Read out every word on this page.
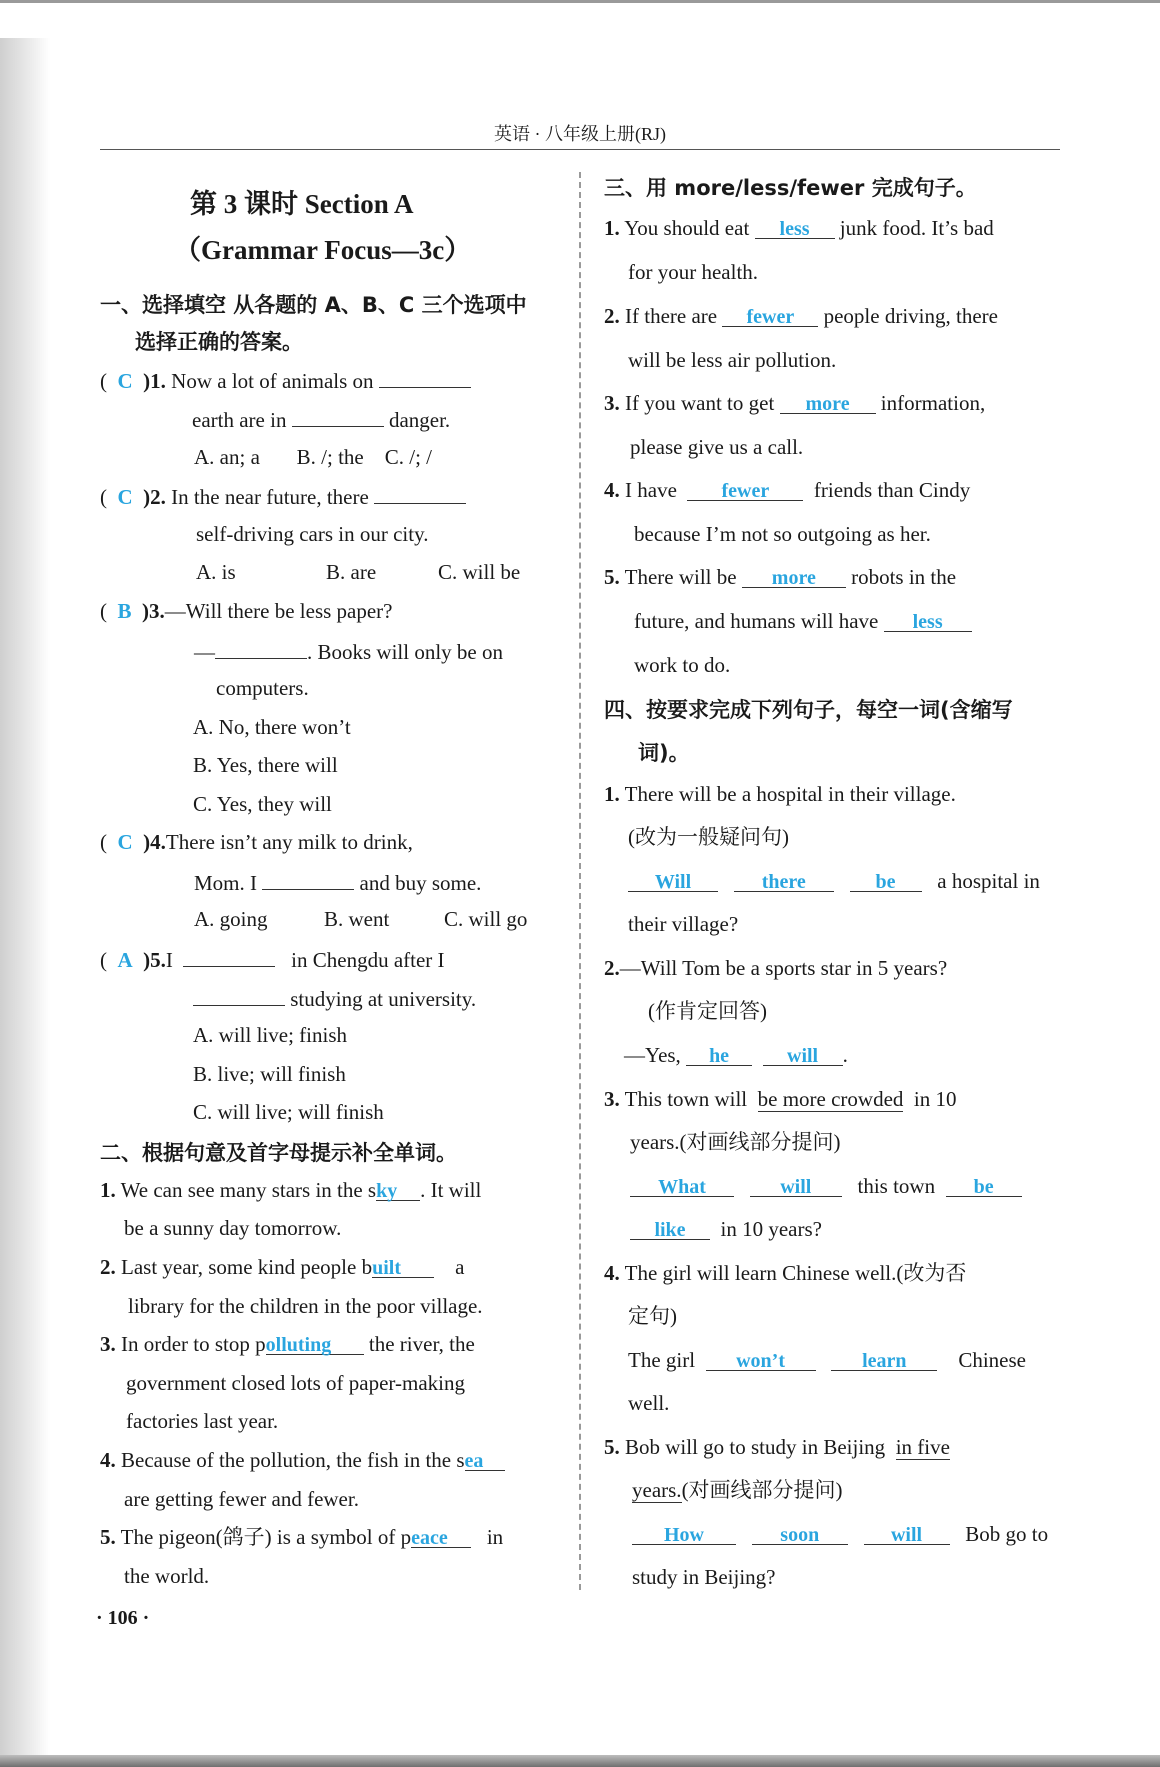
英语 · 八年级上册(RJ)
第 3 课时 Section A
（Grammar Focus—3c）
一、选择填空 从各题的 A、B、C 三个选项中
选择正确的答案。
(  C )1. Now a lot of animals on
earth are in	danger.
A. an; a       B. /; the    C. /; /
(  C )2. In the near future, there
self-driving cars in our city.
A. is	B. are	C. will be
(  B )3.—Will there be less paper?
—	. Books will only be on
computers.
A. No, there won’t
B. Yes, there will
C. Yes, they will
(  C )4.There isn’t any milk to drink,
Mom. I	and buy some.
A. going	B. went	C. will go
(  A )5.I	in Chengdu after I
studying at university.
A. will live; finish
B. live; will finish
C. will live; will finish
二、根据句意及首字母提示补全单词。
1. We can see many stars in the sky . It will
be a sunny day tomorrow.
2. Last year, some kind people built	a
library for the children in the poor village.
3. In order to stop polluting the river, the
government closed lots of paper-making
factories last year.
4. Because of the pollution, the fish in the sea
are getting fewer and fewer.
5. The pigeon(鸽子) is a symbol of peace in
the world.
· 106 ·
三、用 more/less/fewer 完成句子。
1. You should eat less junk food. It’s bad
for your health.
2. If there are fewer people driving, there
will be less air pollution.
3. If you want to get more information,
please give us a call.
4. I have fewer friends than Cindy
because I’m not so outgoing as her.
5. There will be more robots in the
future, and humans will have less
work to do.
四、按要求完成下列句子，每空一词(含缩写
词)。
1. There will be a hospital in their village.
(改为一般疑问句)
Will	there	be a hospital in
their village?
2.—Will Tom be a sports star in 5 years?
(作肯定回答)
—Yes, he	will .
3. This town will be more crowded in 10
years.(对画线部分提问)
What	will this town be
like in 10 years?
4. The girl will learn Chinese well.(改为否
定句)
The girl won’t	learn Chinese
well.
5. Bob will go to study in Beijing in five
years.(对画线部分提问)
How	soon	will Bob go to
study in Beijing?
